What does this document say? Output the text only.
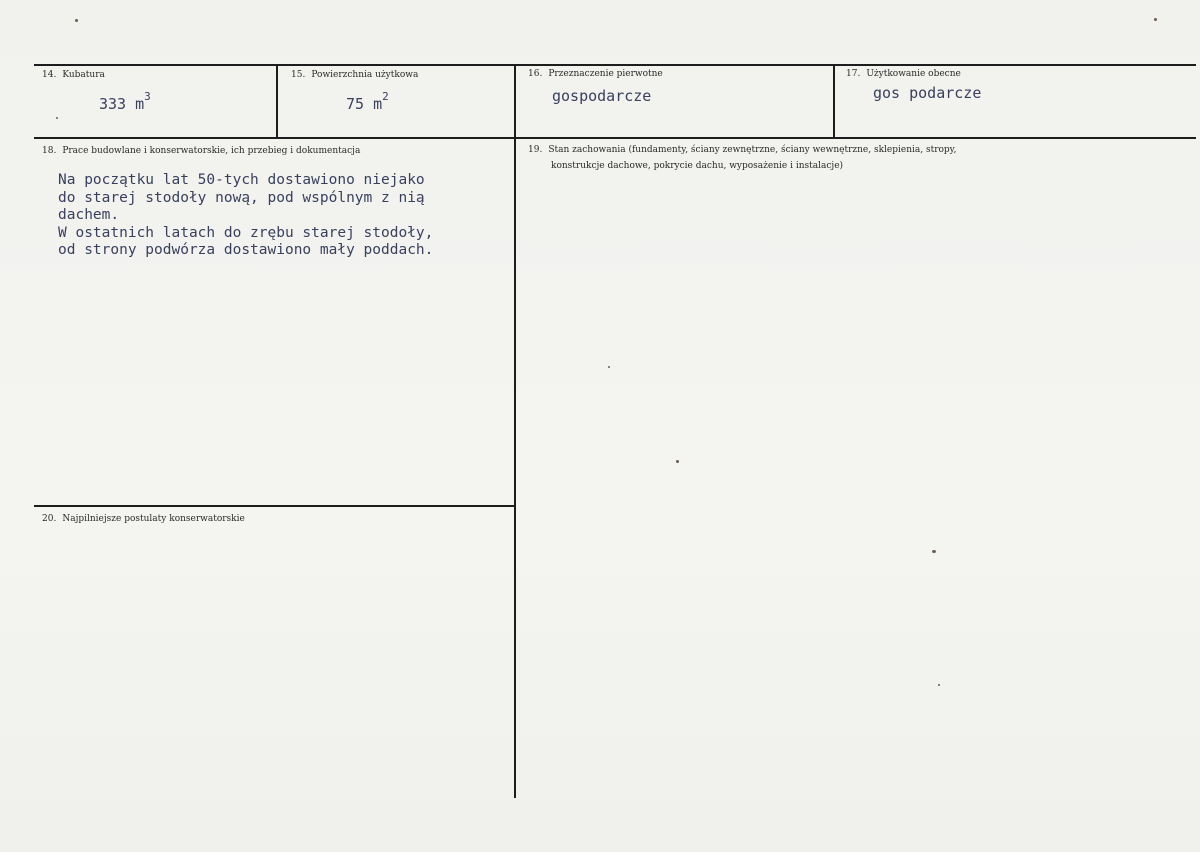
14. Kubatura
333 $m^3$
15. Powierzchnia użytkowa
75 $m^2$
16. Przeznaczenie pierwotne
gospodarcze
17. Użytkowanie obecne
gos podarcze
18. Prace budowlane i konserwatorskie, ich przebieg i dokumentacja
Na początku lat 50-tych dostawiono niejako
do starej stodoły nową, pod wspólnym z nią
dachem.
W ostatnich latach do zrębu starej stodoły,
od strony podwórza dostawiono mały poddach.
19. Stan zachowania (fundamenty, ściany zewnętrzne, ściany wewnętrzne, sklepienia, stropy,
konstrukcje dachowe, pokrycie dachu, wyposażenie i instalacje)
20. Najpilniejsze postulaty konserwatorskie
